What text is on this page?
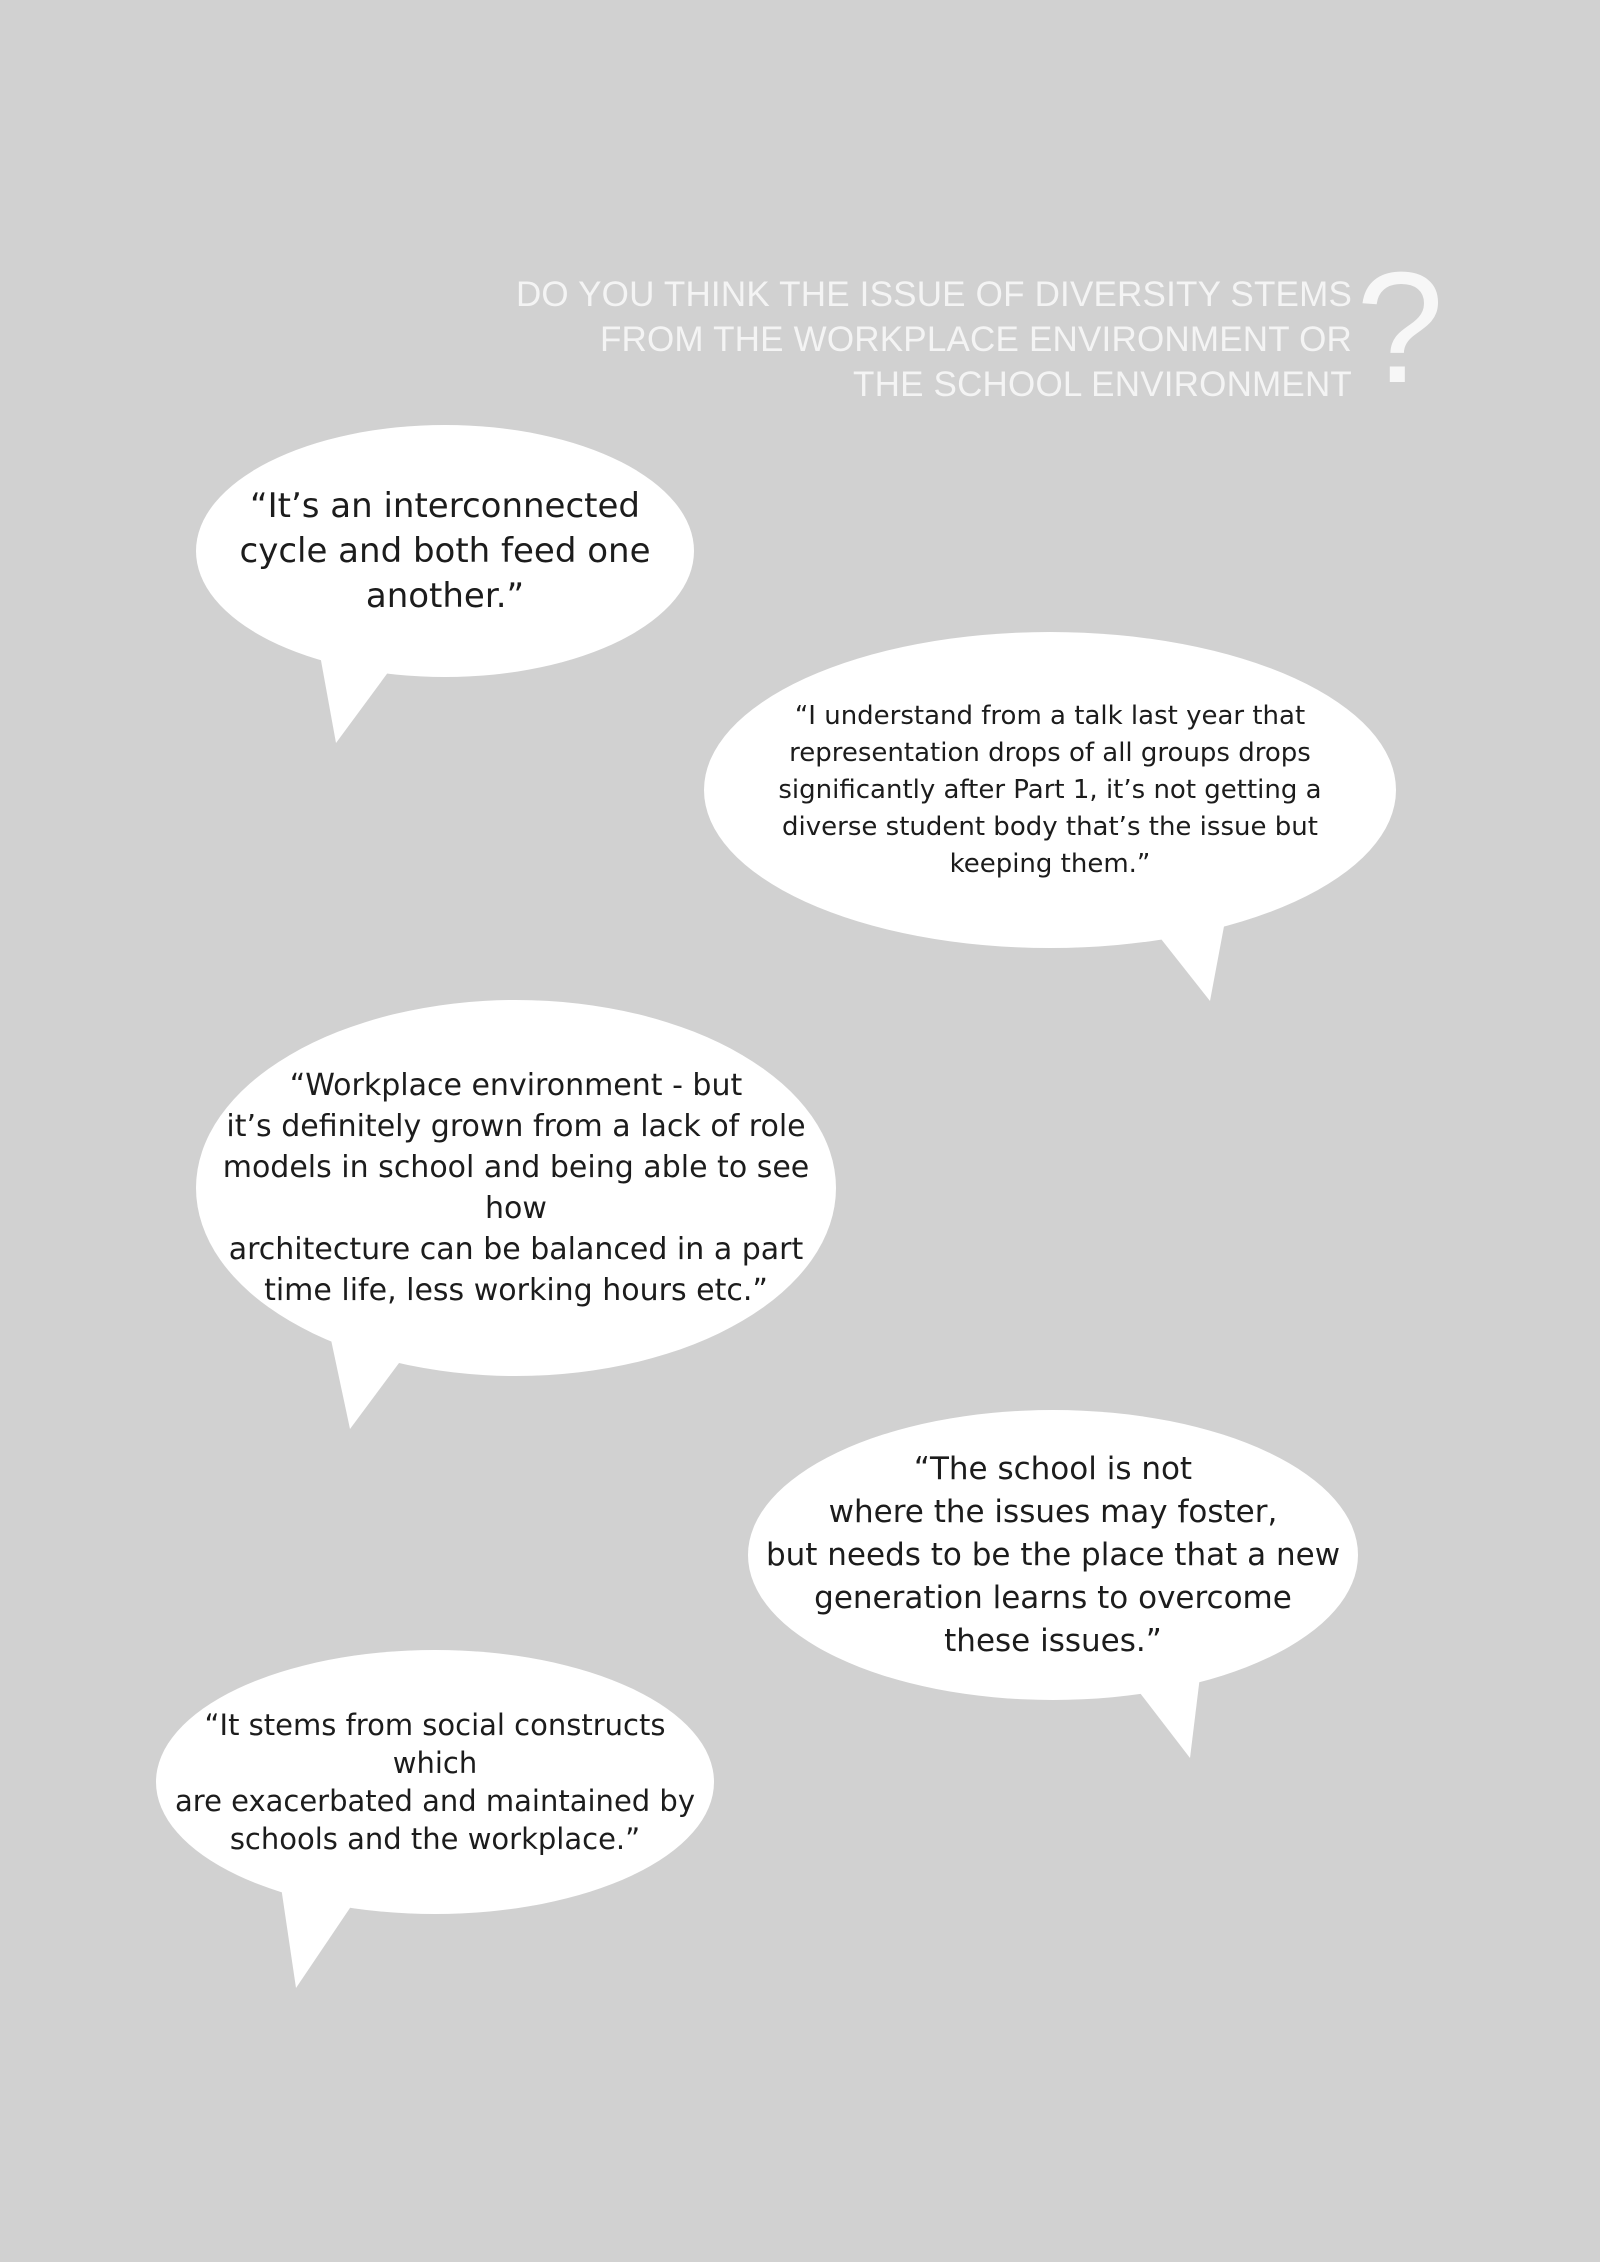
DO YOU THINK THE ISSUE OF DIVERSITY STEMS
FROM THE WORKPLACE ENVIRONMENT OR
THE SCHOOL ENVIRONMENT ?
“It’s an interconnected
cycle and both feed one
another.”
“I understand from a talk last year that
representation drops of all groups drops
significantly after Part 1, it’s not getting a
diverse student body that’s the issue but
keeping them.”
“Workplace environment - but
it’s definitely grown from a lack of role
models in school and being able to see how
architecture can be balanced in a part
time life, less working hours etc.”
“The school is not
where the issues may foster,
but needs to be the place that a new
generation learns to overcome
these issues.”
“It stems from social constructs which
are exacerbated and maintained by
schools and the workplace.”
